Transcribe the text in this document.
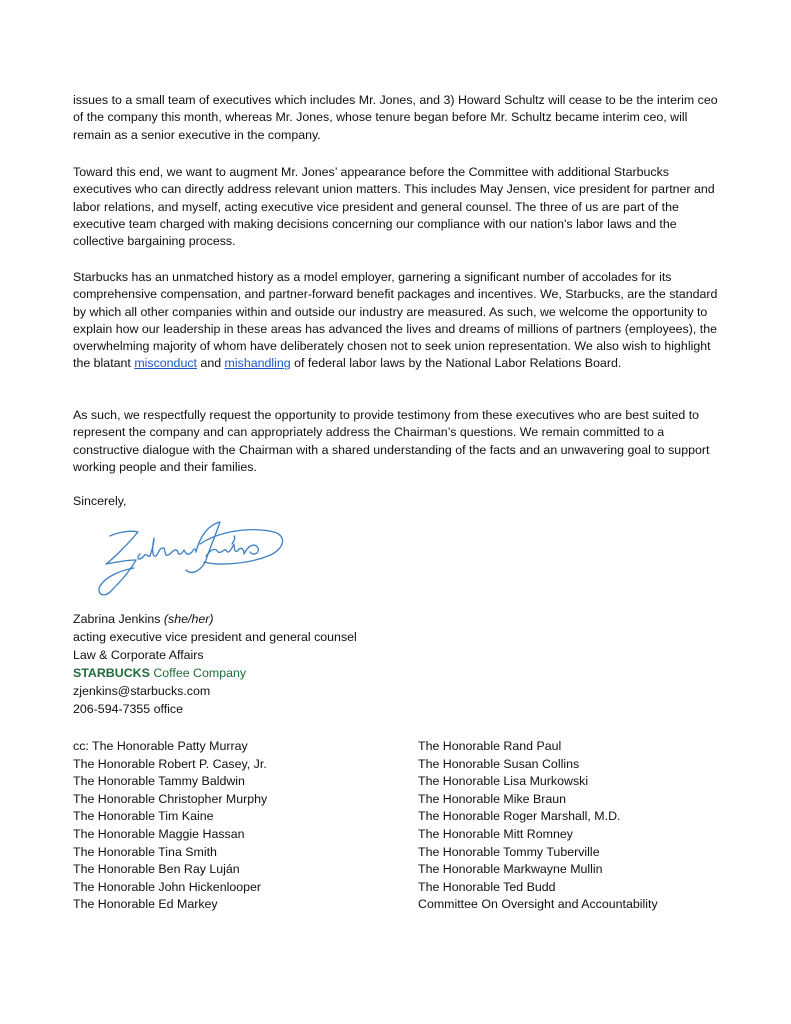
issues to a small team of executives which includes Mr. Jones, and 3) Howard Schultz will cease to be the interim ceo of the company this month, whereas Mr. Jones, whose tenure began before Mr. Schultz became interim ceo, will remain as a senior executive in the company.

Toward this end, we want to augment Mr. Jones’ appearance before the Committee with additional Starbucks executives who can directly address relevant union matters. This includes May Jensen, vice president for partner and labor relations, and myself, acting executive vice president and general counsel. The three of us are part of the executive team charged with making decisions concerning our compliance with our nation's labor laws and the collective bargaining process.

Starbucks has an unmatched history as a model employer, garnering a significant number of accolades for its comprehensive compensation, and partner-forward benefit packages and incentives. We, Starbucks, are the standard by which all other companies within and outside our industry are measured. As such, we welcome the opportunity to explain how our leadership in these areas has advanced the lives and dreams of millions of partners (employees), the overwhelming majority of whom have deliberately chosen not to seek union representation. We also wish to highlight the blatant misconduct and mishandling of federal labor laws by the National Labor Relations Board.

As such, we respectfully request the opportunity to provide testimony from these executives who are best suited to represent the company and can appropriately address the Chairman’s questions. We remain committed to a constructive dialogue with the Chairman with a shared understanding of the facts and an unwavering goal to support working people and their families.

Sincerely,

Zabrina Jenkins (she/her)
acting executive vice president and general counsel
Law & Corporate Affairs
STARBUCKS Coffee Company
zjenkins@starbucks.com
206-594-7355 office
cc: The Honorable Patty Murray
The Honorable Robert P. Casey, Jr.
The Honorable Tammy Baldwin
The Honorable Christopher Murphy
The Honorable Tim Kaine
The Honorable Maggie Hassan
The Honorable Tina Smith
The Honorable Ben Ray Luján
The Honorable John Hickenlooper
The Honorable Ed Markey
The Honorable Rand Paul
The Honorable Susan Collins
The Honorable Lisa Murkowski
The Honorable Mike Braun
The Honorable Roger Marshall, M.D.
The Honorable Mitt Romney
The Honorable Tommy Tuberville
The Honorable Markwayne Mullin
The Honorable Ted Budd
Committee On Oversight and Accountability
